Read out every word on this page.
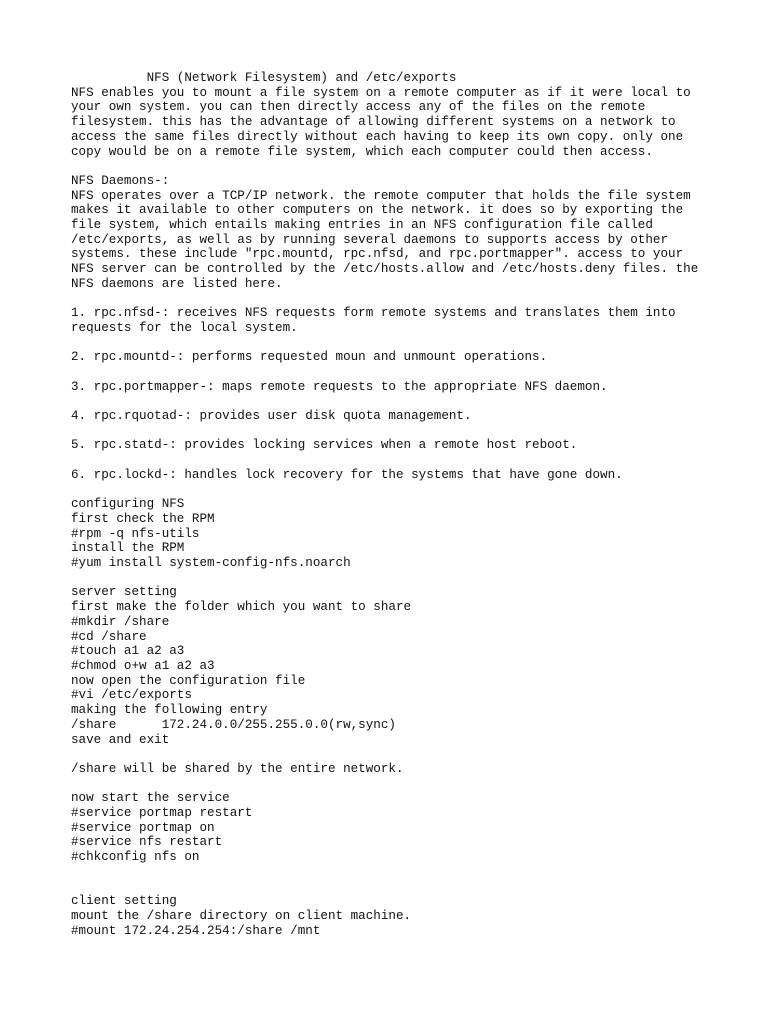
NFS (Network Filesystem) and /etc/exports

NFS enables you to mount a file system on a remote computer as if it were local to
your own system. you can then directly access any of the files on the remote
filesystem. this has the advantage of allowing different systems on a network to
access the same files directly without each having to keep its own copy. only one
copy would be on a remote file system, which each computer could then access.

NFS Daemons-:

NFS operates over a TCP/IP network. the remote computer that holds the file system
makes it available to other computers on the network. it does so by exporting the
file system, which entails making entries in an NFS configuration file called
/etc/exports, as well as by running several daemons to supports access by other
systems. these include "rpc.mountd, rpc.nfsd, and rpc.portmapper". access to your
NFS server can be controlled by the /etc/hosts.allow and /etc/hosts.deny files. the
NFS daemons are listed here.

1. rpc.nfsd-: receives NFS requests form remote systems and translates them into
requests for the local system.

2. rpc.mountd-: performs requested moun and unmount operations.

3. rpc.portmapper-: maps remote requests to the appropriate NFS daemon.

4. rpc.rquotad-: provides user disk quota management.

5. rpc.statd-: provides locking services when a remote host reboot.

6. rpc.lockd-: handles lock recovery for the systems that have gone down.

configuring NFS
first check the RPM
#rpm -q nfs-utils
install the RPM
#yum install system-config-nfs.noarch

server setting
first make the folder which you want to share
#mkdir /share
#cd /share
#touch a1 a2 a3
#chmod o+w a1 a2 a3
now open the configuration file
#vi /etc/exports
making the following entry
/share      172.24.0.0/255.255.0.0(rw,sync)
save and exit

/share will be shared by the entire network.

now start the service
#service portmap restart
#service portmap on
#service nfs restart
#chkconfig nfs on

client setting
mount the /share directory on client machine.
#mount 172.24.254.254:/share /mnt
